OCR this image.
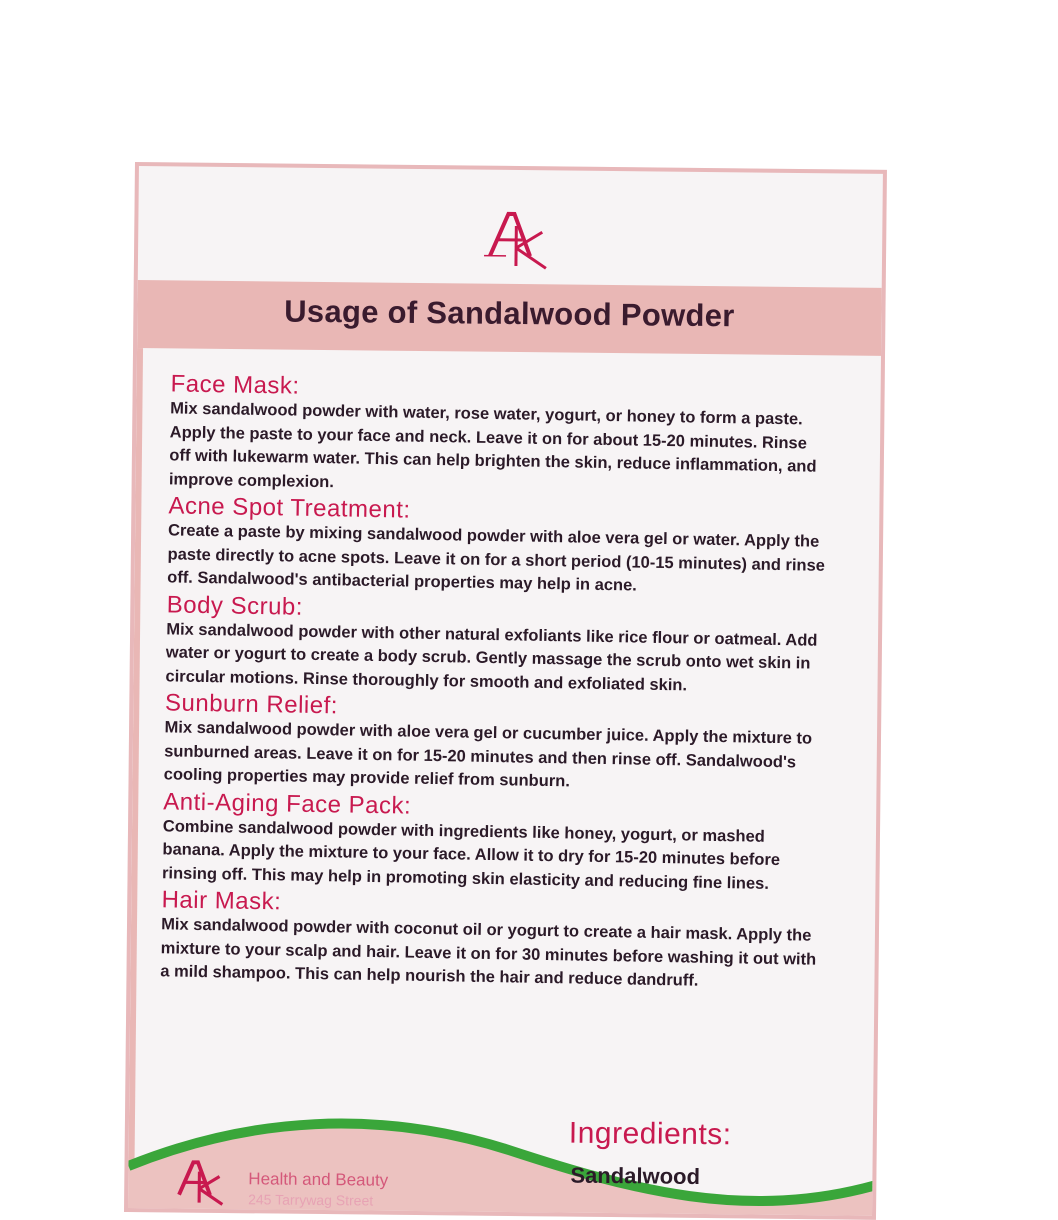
Usage of Sandalwood Powder
Face Mask:

Mix sandalwood powder with water, rose water, yogurt, or honey to form a paste. Apply the paste to your face and neck. Leave it on for about 15-20 minutes. Rinse off with lukewarm water. This can help brighten the skin, reduce inflammation, and improve complexion.

Acne Spot Treatment:

Create a paste by mixing sandalwood powder with aloe vera gel or water. Apply the paste directly to acne spots. Leave it on for a short period (10-15 minutes) and rinse off. Sandalwood's antibacterial properties may help in acne.

Body Scrub:

Mix sandalwood powder with other natural exfoliants like rice flour or oatmeal. Add water or yogurt to create a body scrub. Gently massage the scrub onto wet skin in circular motions. Rinse thoroughly for smooth and exfoliated skin.

Sunburn Relief:

Mix sandalwood powder with aloe vera gel or cucumber juice. Apply the mixture to sunburned areas. Leave it on for 15-20 minutes and then rinse off. Sandalwood's cooling properties may provide relief from sunburn.

Anti-Aging Face Pack:

Combine sandalwood powder with ingredients like honey, yogurt, or mashed banana. Apply the mixture to your face. Allow it to dry for 15-20 minutes before rinsing off. This may help in promoting skin elasticity and reducing fine lines.

Hair Mask:

Mix sandalwood powder with coconut oil or yogurt to create a hair mask. Apply the mixture to your scalp and hair. Leave it on for 30 minutes before washing it out with a mild shampoo. This can help nourish the hair and reduce dandruff.

Ingredients:
Sandalwood
Health and Beauty
245 Tarrywag Street
